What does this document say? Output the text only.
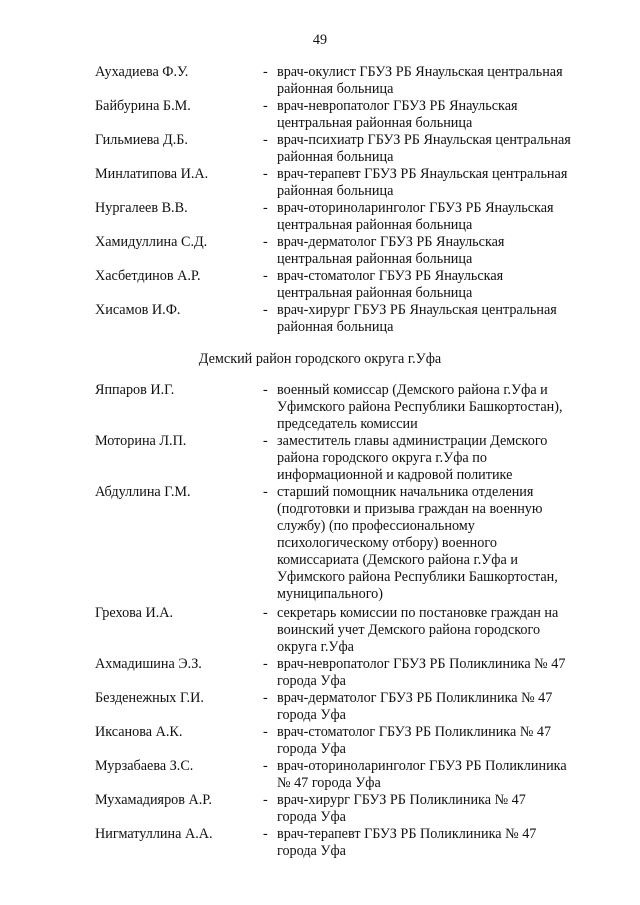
49
Аухадиева Ф.У.	- врач-окулист ГБУЗ РБ Янаульская центральная
районная больница
Байбурина Б.М.	- врач-невропатолог ГБУЗ РБ Янаульская
центральная районная больница
Гильмиева Д.Б.	- врач-психиатр ГБУЗ РБ Янаульская центральная
районная больница
Минлатипова И.А.	- врач-терапевт ГБУЗ РБ Янаульская центральная
районная больница
Нургалеев В.В.	- врач-оториноларинголог ГБУЗ РБ Янаульская
центральная районная больница
Хамидуллина С.Д.	- врач-дерматолог ГБУЗ РБ Янаульская
центральная районная больница
Хасбетдинов А.Р.	- врач-стоматолог ГБУЗ РБ Янаульская
центральная районная больница
Хисамов И.Ф.	- врач-хирург ГБУЗ РБ Янаульская центральная
районная больница
Демский район городского округа г.Уфа
Яппаров И.Г.	- военный комиссар (Демского района г.Уфа и
Уфимского района Республики Башкортостан),
председатель комиссии
Моторина Л.П.	- заместитель главы администрации Демского
района городского округа г.Уфа по
информационной и кадровой политике
Абдуллина Г.М.	- старший помощник начальника отделения
(подготовки и призыва граждан на военную
службу) (по профессиональному
психологическому отбору) военного
комиссариата (Демского района г.Уфа и
Уфимского района Республики Башкортостан,
муниципального)
Грехова И.А.	- секретарь комиссии по постановке граждан на
воинский учет Демского района городского
округа г.Уфа
Ахмадишина Э.З.	- врач-невропатолог ГБУЗ РБ Поликлиника № 47
города Уфа
Безденежных Г.И.	- врач-дерматолог ГБУЗ РБ Поликлиника № 47
города Уфа
Иксанова А.К.	- врач-стоматолог ГБУЗ РБ Поликлиника № 47
города Уфа
Мурзабаева З.С.	- врач-оториноларинголог ГБУЗ РБ Поликлиника
№ 47 города Уфа
Мухамадияров А.Р.	- врач-хирург ГБУЗ РБ Поликлиника № 47
города Уфа
Нигматуллина А.А.	- врач-терапевт ГБУЗ РБ Поликлиника № 47
города Уфа
